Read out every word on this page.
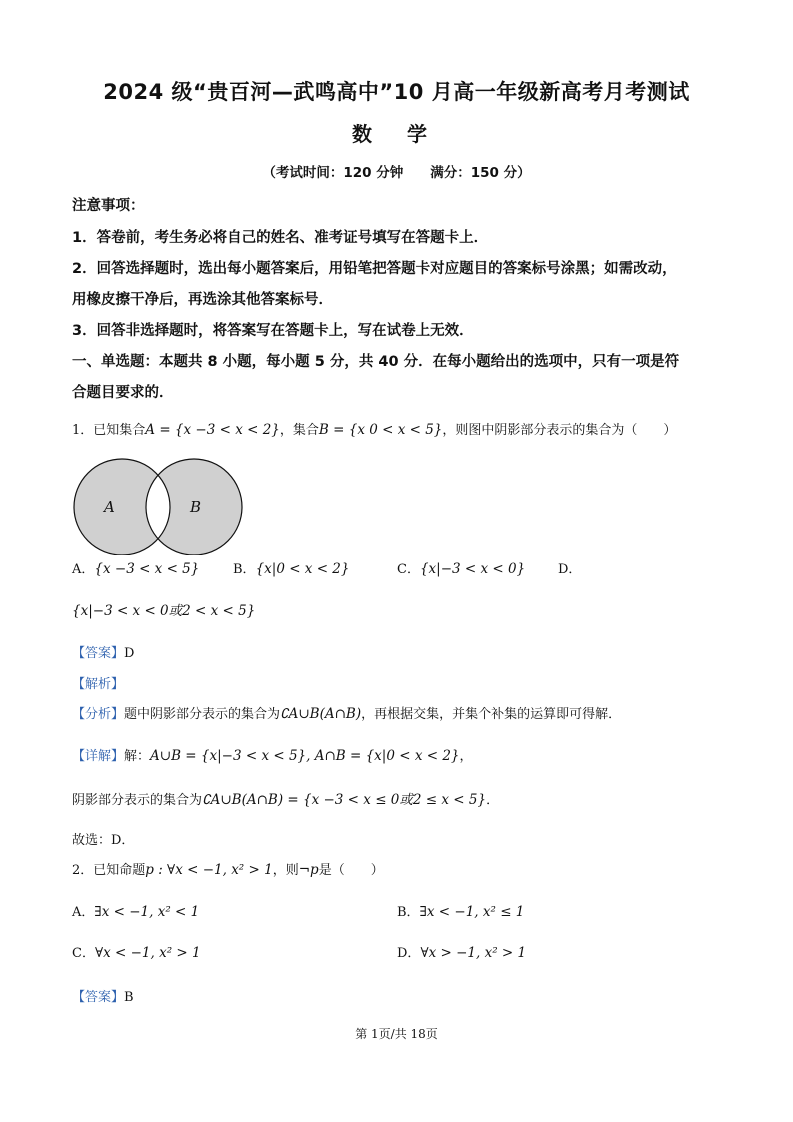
2024 级“贵百河—武鸣高中”10 月高一年级新高考月考测试
数 学
（考试时间：120 分钟　　满分：150 分）
注意事项：
1．答卷前，考生务必将自己的姓名、准考证号填写在答题卡上．
2．回答选择题时，选出每小题答案后，用铅笔把答题卡对应题目的答案标号涂黑；如需改动，
用橡皮擦干净后，再选涂其他答案标号．
3．回答非选择题时，将答案写在答题卡上，写在试卷上无效．
一、单选题：本题共 8 小题，每小题 5 分，共 40 分．在每小题给出的选项中，只有一项是符
合题目要求的．
1．已知集合A = {x −3 < x < 2}，集合B = {x 0 < x < 5}，则图中阴影部分表示的集合为（　　）
A	B
A．{x −3 < x < 5}	B．{x|0 < x < 2}	C．{x|−3 < x < 0}	D．
{x|−3 < x < 0或2 < x < 5}
【答案】D
【解析】
【分析】题中阴影部分表示的集合为∁A∪B(A∩B)，再根据交集，并集个补集的运算即可得解．
【详解】解：A∪B = {x|−3 < x < 5}, A∩B = {x|0 < x < 2}，
阴影部分表示的集合为∁A∪B(A∩B) = {x −3 < x ≤ 0或2 ≤ x < 5}．
故选：D．
2．已知命题p : ∀x < −1, x² > 1，则¬p是（　　）
A．∃x < −1, x² < 1	B．∃x < −1, x² ≤ 1
C．∀x < −1, x² > 1	D．∀x > −1, x² > 1
【答案】B
第 1页/共 18页
